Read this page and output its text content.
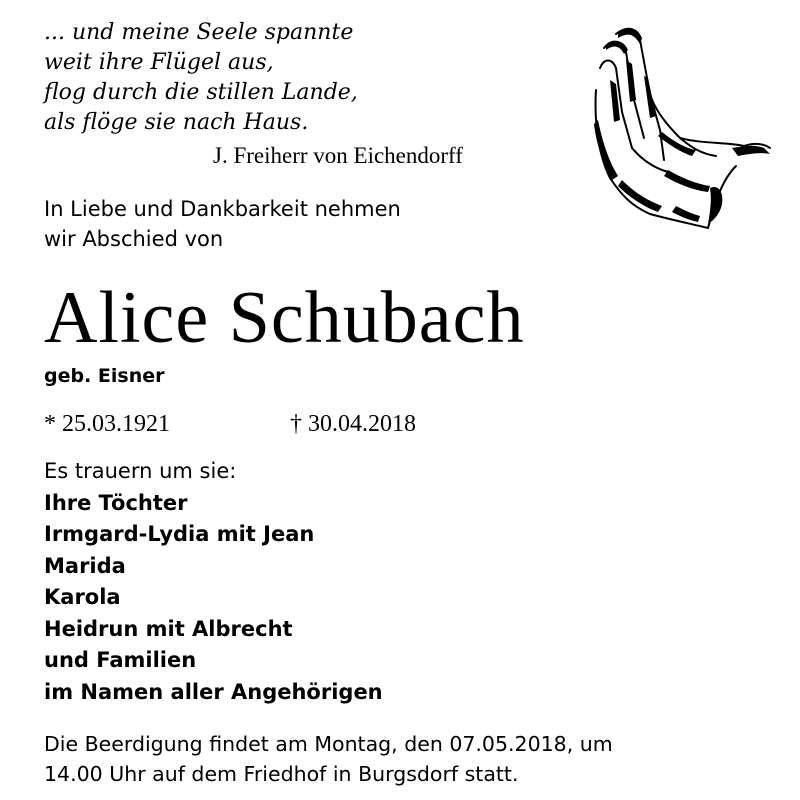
... und meine Seele spannte
weit ihre Flügel aus,
flog durch die stillen Lande,
als flöge sie nach Haus.
J. Freiherr von Eichendorff
In Liebe und Dankbarkeit nehmen
wir Abschied von
Alice Schubach
geb. Eisner
* 25.03.1921	† 30.04.2018
Es trauern um sie:
Ihre Töchter
Irmgard-Lydia mit Jean
Marida
Karola
Heidrun mit Albrecht
und Familien
im Namen aller Angehörigen
Die Beerdigung findet am Montag, den 07.05.2018, um
14.00 Uhr auf dem Friedhof in Burgsdorf statt.
